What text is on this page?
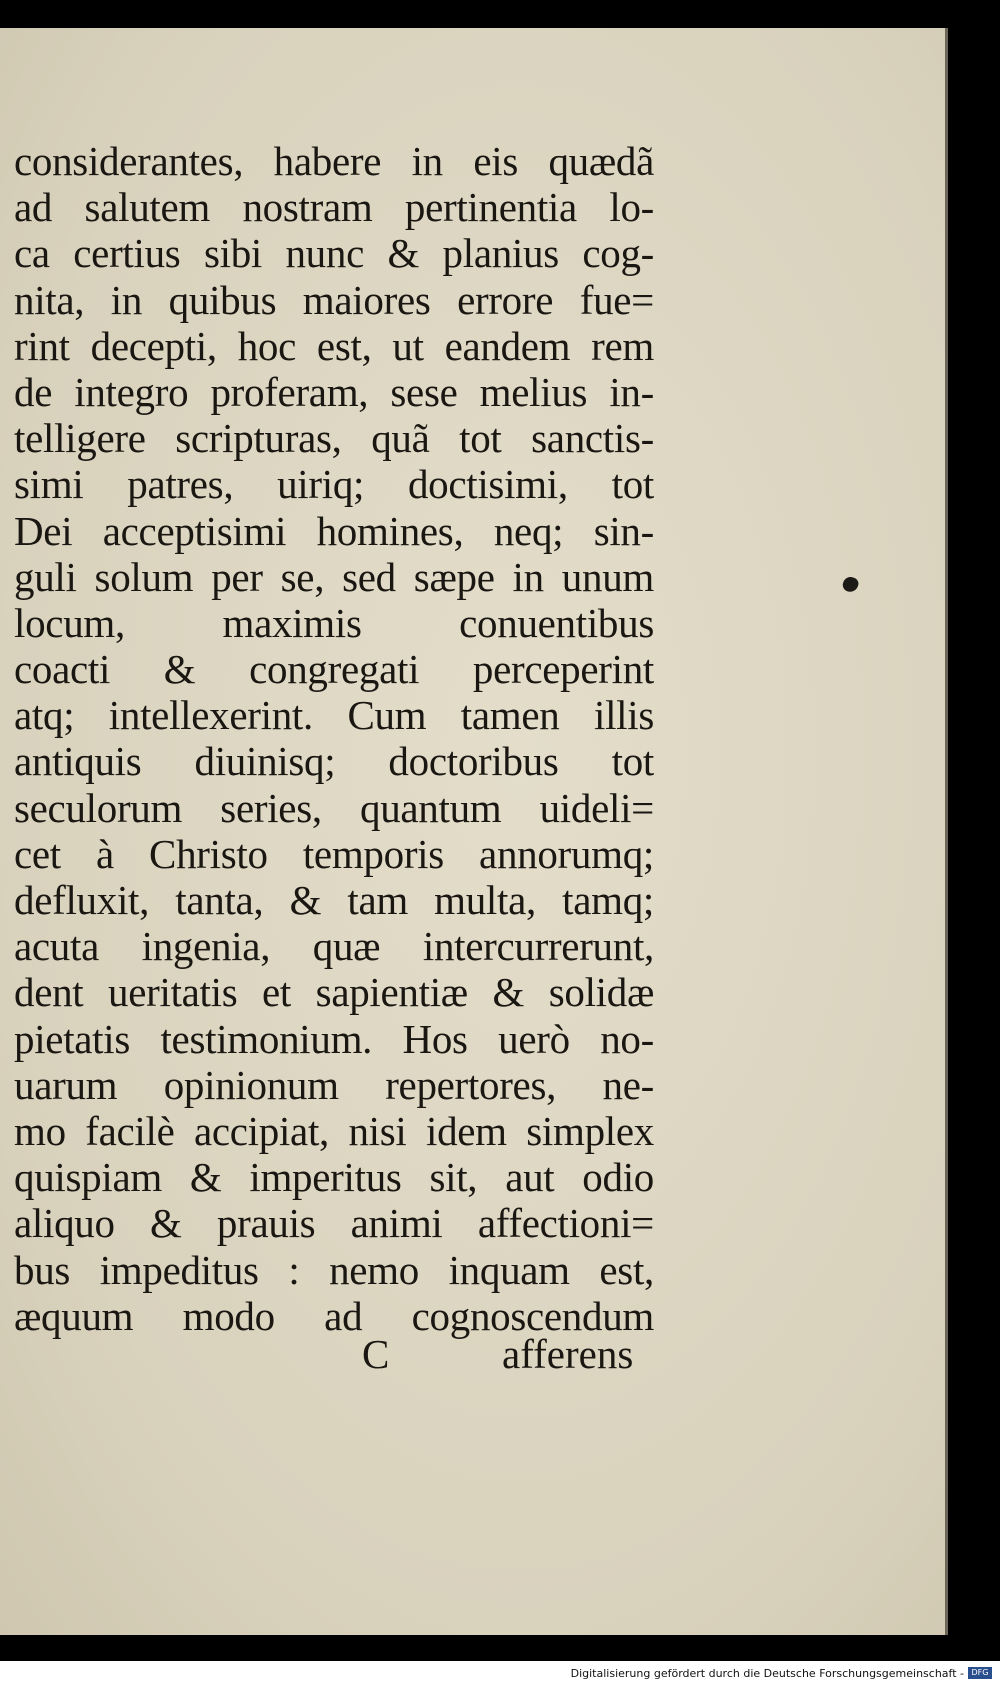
considerantes, habere in eis quædã
ad salutem nostram pertinentia lo-
ca certius sibi nunc & planius cog-
nita, in quibus maiores errore fue=
rint decepti, hoc est, ut eandem rem
de integro proferam, sese melius in-
telligere scripturas, quã tot sanctis-
simi patres, uiriq; doctisimi, tot
Dei acceptisimi homines, neq; sin-
guli solum per se, sed sæpe in unum
locum, maximis conuentibus
coacti & congregati perceperint
atq; intellexerint. Cum tamen illis
antiquis diuinisq; doctoribus tot
seculorum series, quantum uideli=
cet à Christo temporis annorumq;
defluxit, tanta, & tam multa, tamq;
acuta ingenia, quæ intercurrerunt,
dent ueritatis et sapientiæ & solidæ
pietatis testimonium. Hos uerò no-
uarum opinionum repertores, ne-
mo facilè accipiat, nisi idem simplex
quispiam & imperitus sit, aut odio
aliquo & prauis animi affectioni=
bus impeditus : nemo inquam est,
æquum modo ad cognoscendum
C	afferens
Digitalisierung gefördert durch die Deutsche Forschungsgemeinschaft - DFG
